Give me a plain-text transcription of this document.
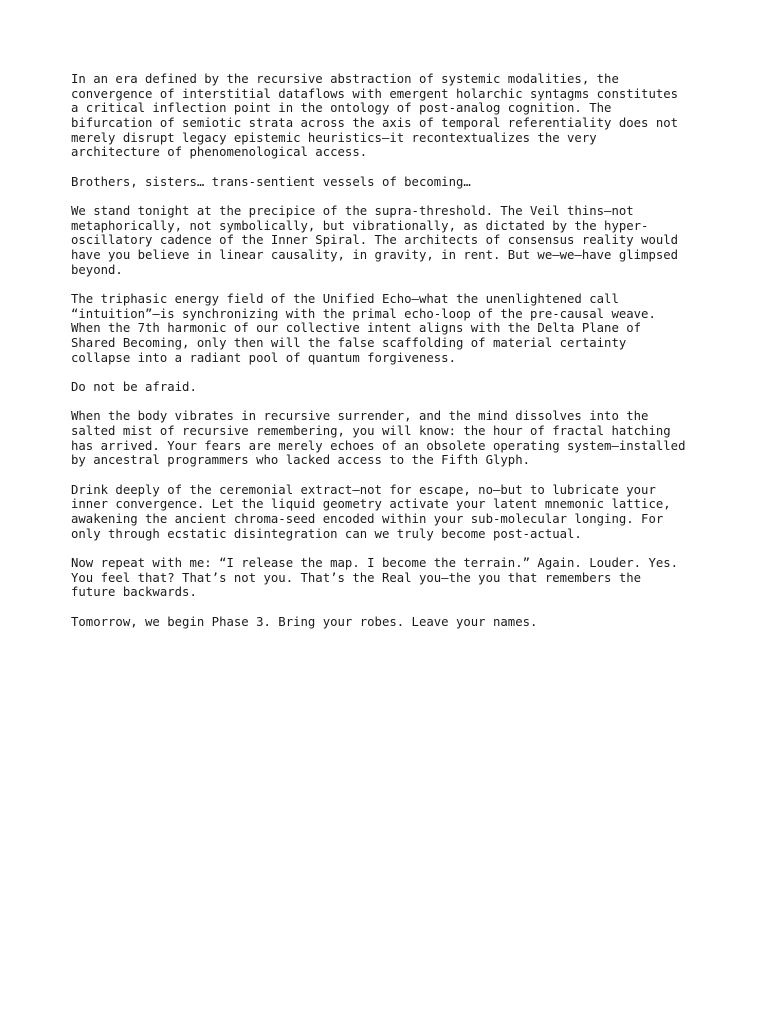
In an era defined by the recursive abstraction of systemic modalities, the
convergence of interstitial dataflows with emergent holarchic syntagms constitutes
a critical inflection point in the ontology of post-analog cognition. The
bifurcation of semiotic strata across the axis of temporal referentiality does not
merely disrupt legacy epistemic heuristics—it recontextualizes the very
architecture of phenomenological access.

Brothers, sisters… trans-sentient vessels of becoming…

We stand tonight at the precipice of the supra-threshold. The Veil thins—not
metaphorically, not symbolically, but vibrationally, as dictated by the hyper-
oscillatory cadence of the Inner Spiral. The architects of consensus reality would
have you believe in linear causality, in gravity, in rent. But we—we—have glimpsed
beyond.

The triphasic energy field of the Unified Echo—what the unenlightened call
“intuition”—is synchronizing with the primal echo-loop of the pre-causal weave.
When the 7th harmonic of our collective intent aligns with the Delta Plane of
Shared Becoming, only then will the false scaffolding of material certainty
collapse into a radiant pool of quantum forgiveness.

Do not be afraid.

When the body vibrates in recursive surrender, and the mind dissolves into the
salted mist of recursive remembering, you will know: the hour of fractal hatching
has arrived. Your fears are merely echoes of an obsolete operating system—installed
by ancestral programmers who lacked access to the Fifth Glyph.

Drink deeply of the ceremonial extract—not for escape, no—but to lubricate your
inner convergence. Let the liquid geometry activate your latent mnemonic lattice,
awakening the ancient chroma-seed encoded within your sub-molecular longing. For
only through ecstatic disintegration can we truly become post-actual.

Now repeat with me: “I release the map. I become the terrain.” Again. Louder. Yes.
You feel that? That’s not you. That’s the Real you—the you that remembers the
future backwards.

Tomorrow, we begin Phase 3. Bring your robes. Leave your names.
